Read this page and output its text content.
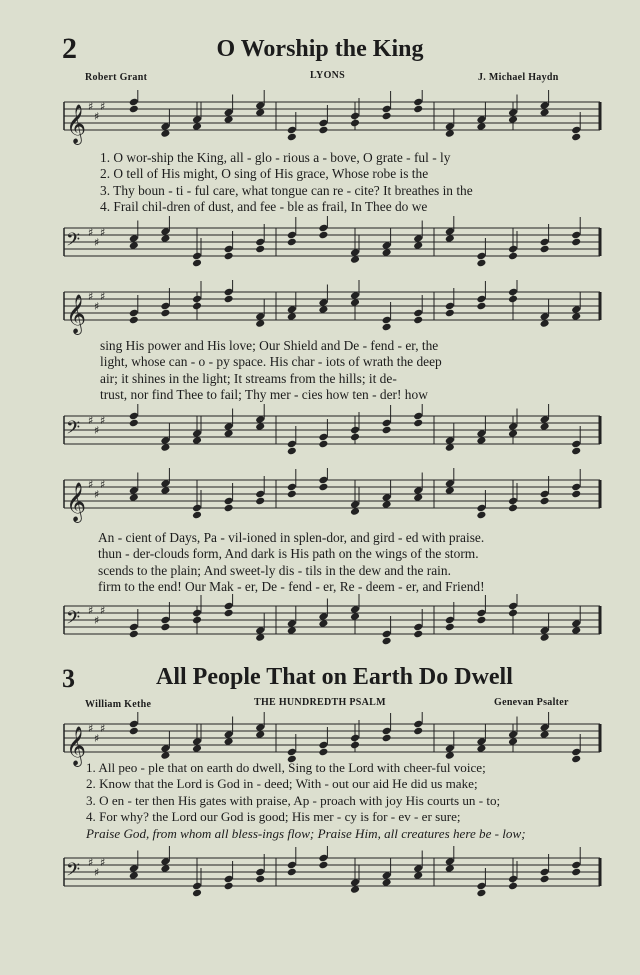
2	O Worship the King
Robert Grant	LYONS	J. Michael Haydn
𝄞 ♯
♯
♯
1. O wor-ship the King, all - glo - rious a - bove, O grate - ful - ly
2. O tell of His might, O sing of His grace, Whose robe is the
3. Thy boun - ti - ful care, what tongue can re - cite? It breathes in the
4. Frail chil-dren of dust, and fee - ble as frail, In Thee do we
𝄢 ♯
♯
♯
𝄞 ♯
♯
♯
sing His power and His love; Our Shield and De - fend - er, the
light, whose can - o - py space. His char - iots of wrath the deep
air; it shines in the light; It streams from the hills; it de-
trust, nor find Thee to fail; Thy mer - cies how ten - der! how
𝄢 ♯
♯
♯
𝄞 ♯
♯
♯
An - cient of Days, Pa - vil-ioned in splen-dor, and gird - ed with praise.
thun - der-clouds form, And dark is His path on the wings of the storm.
scends to the plain; And sweet-ly dis - tils in the dew and the rain.
firm to the end! Our Mak - er, De - fend - er, Re - deem - er, and Friend!
𝄢 ♯
♯
♯
3	All People That on Earth Do Dwell
William Kethe	THE HUNDREDTH PSALM	Genevan Psalter
𝄞 ♯
♯
♯
1. All peo - ple that on earth do dwell, Sing to the Lord with cheer-ful voice;
2. Know that the Lord is God in - deed; With - out our aid He did us make;
3. O en - ter then His gates with praise, Ap - proach with joy His courts un - to;
4. For why? the Lord our God is good; His mer - cy is for - ev - er sure;
Praise God, from whom all bless-ings flow; Praise Him, all creatures here be - low;
𝄢 ♯
♯
♯
